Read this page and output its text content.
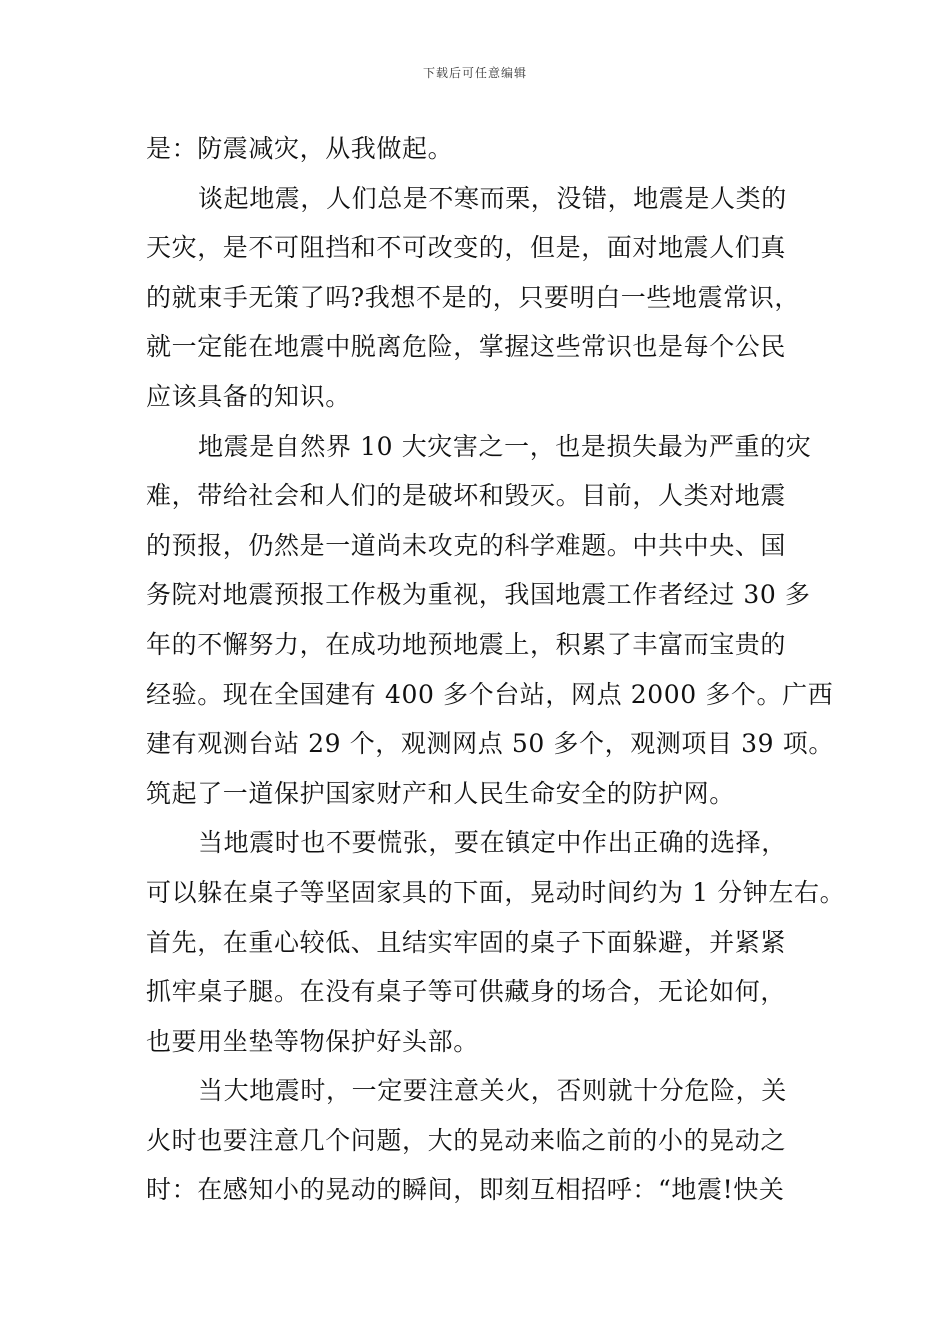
下载后可任意编辑
是：防震减灾，从我做起。
谈起地震，人们总是不寒而栗，没错，地震是人类的
天灾，是不可阻挡和不可改变的，但是，面对地震人们真
的就束手无策了吗?我想不是的，只要明白一些地震常识，
就一定能在地震中脱离危险，掌握这些常识也是每个公民
应该具备的知识。
地震是自然界 10 大灾害之一，也是损失最为严重的灾
难，带给社会和人们的是破坏和毁灭。目前，人类对地震
的预报，仍然是一道尚未攻克的科学难题。中共中央、国
务院对地震预报工作极为重视，我国地震工作者经过 30 多
年的不懈努力，在成功地预地震上，积累了丰富而宝贵的
经验。现在全国建有 400 多个台站，网点 2000 多个。广西
建有观测台站 29 个，观测网点 50 多个，观测项目 39 项。
筑起了一道保护国家财产和人民生命安全的防护网。
当地震时也不要慌张，要在镇定中作出正确的选择，
可以躲在桌子等坚固家具的下面，晃动时间约为 1 分钟左右。
首先，在重心较低、且结实牢固的桌子下面躲避，并紧紧
抓牢桌子腿。在没有桌子等可供藏身的场合，无论如何，
也要用坐垫等物保护好头部。
当大地震时，一定要注意关火，否则就十分危险，关
火时也要注意几个问题，大的晃动来临之前的小的晃动之
时：在感知小的晃动的瞬间，即刻互相招呼：“地震!快关
